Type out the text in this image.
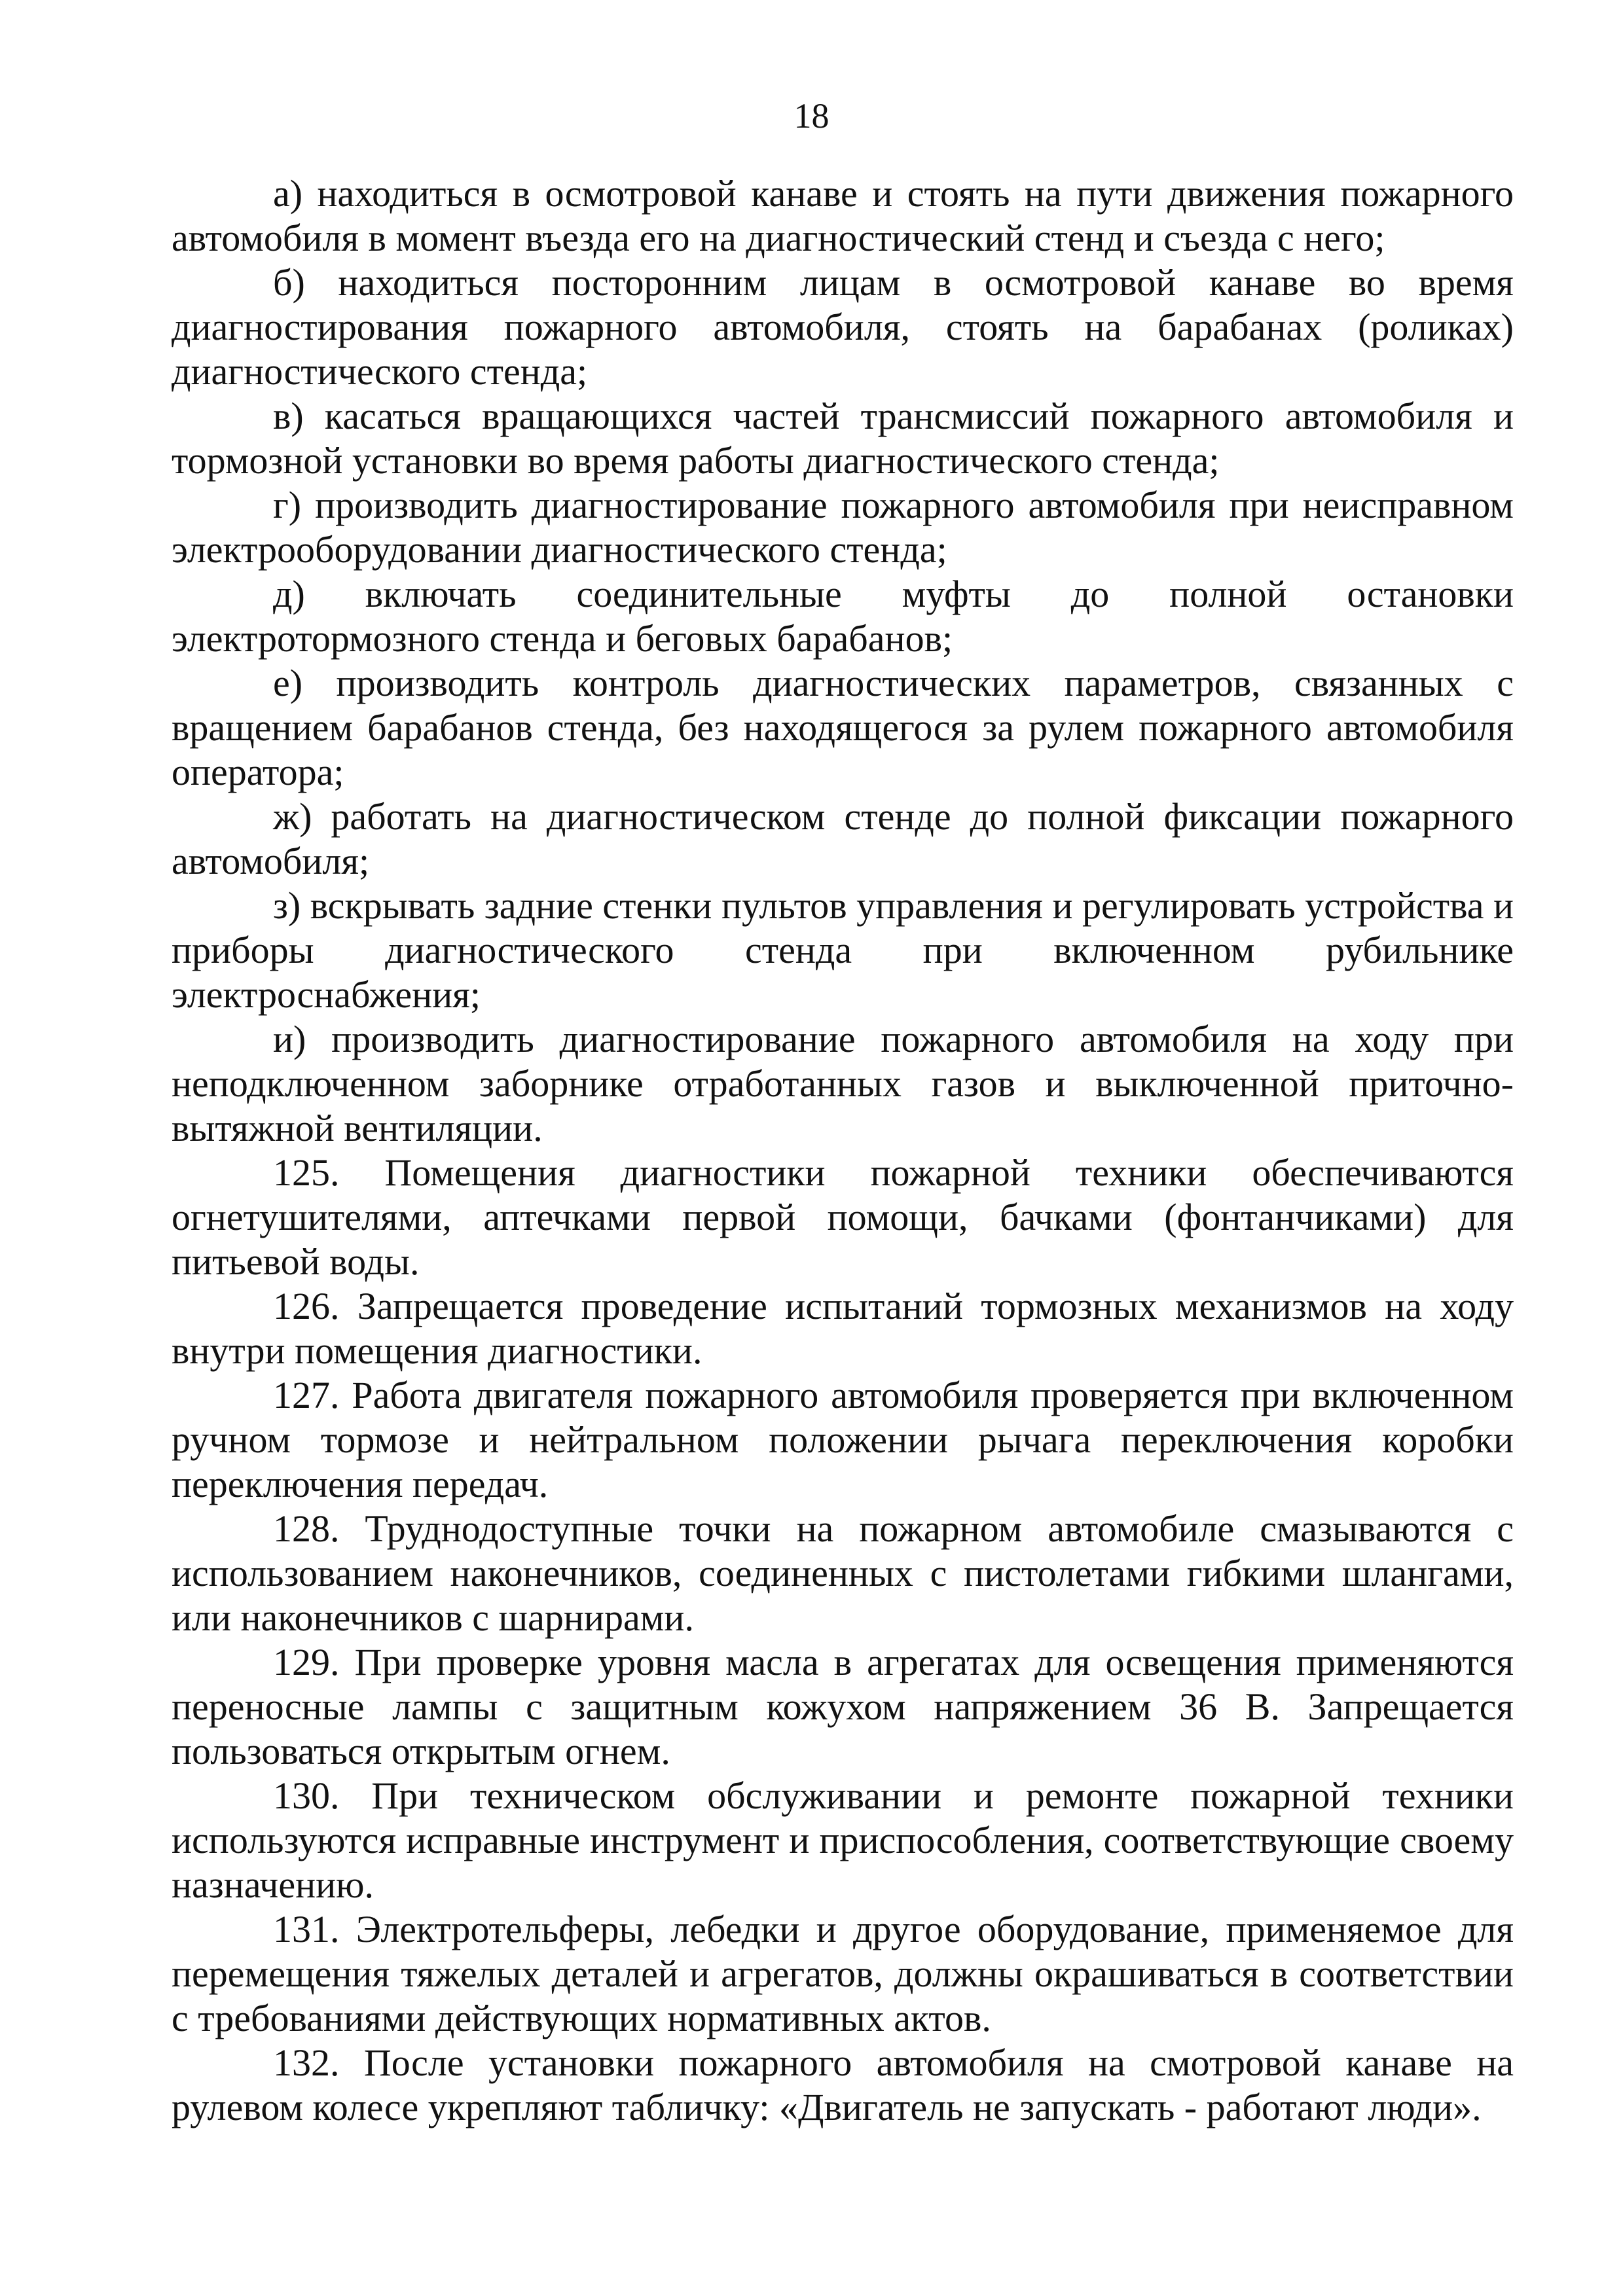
18

а) находиться в осмотровой канаве и стоять на пути движения пожарного автомобиля в момент въезда его на диагностический стенд и съезда с него;

б) находиться посторонним лицам в осмотровой канаве во время диагностирования пожарного автомобиля, стоять на барабанах (роликах) диагностического стенда;

в) касаться вращающихся частей трансмиссий пожарного автомобиля и тормозной установки во время работы диагностического стенда;

г) производить диагностирование пожарного автомобиля при неисправном электрооборудовании диагностического стенда;

д) включать соединительные муфты до полной остановки электротормозного стенда и беговых барабанов;

е) производить контроль диагностических параметров, связанных с вращением барабанов стенда, без находящегося за рулем пожарного автомобиля оператора;

ж) работать на диагностическом стенде до полной фиксации пожарного автомобиля;

з) вскрывать задние стенки пультов управления и регулировать устройства и приборы диагностического стенда при включенном рубильнике электроснабжения;

и) производить диагностирование пожарного автомобиля на ходу при неподключенном заборнике отработанных газов и выключенной приточно-вытяжной вентиляции.

125. Помещения диагностики пожарной техники обеспечиваются огнетушителями, аптечками первой помощи, бачками (фонтанчиками) для питьевой воды.

126. Запрещается проведение испытаний тормозных механизмов на ходу внутри помещения диагностики.

127. Работа двигателя пожарного автомобиля проверяется при включенном ручном тормозе и нейтральном положении рычага переключения коробки переключения передач.

128. Труднодоступные точки на пожарном автомобиле смазываются с использованием наконечников, соединенных с пистолетами гибкими шлангами, или наконечников с шарнирами.

129. При проверке уровня масла в агрегатах для освещения применяются переносные лампы с защитным кожухом напряжением 36 В. Запрещается пользоваться открытым огнем.

130. При техническом обслуживании и ремонте пожарной техники используются исправные инструмент и приспособления, соответствующие своему назначению.

131. Электротельферы, лебедки и другое оборудование, применяемое для перемещения тяжелых деталей и агрегатов, должны окрашиваться в соответствии с требованиями действующих нормативных актов.

132. После установки пожарного автомобиля на смотровой канаве на рулевом колесе укрепляют табличку: «Двигатель не запускать - работают люди».
